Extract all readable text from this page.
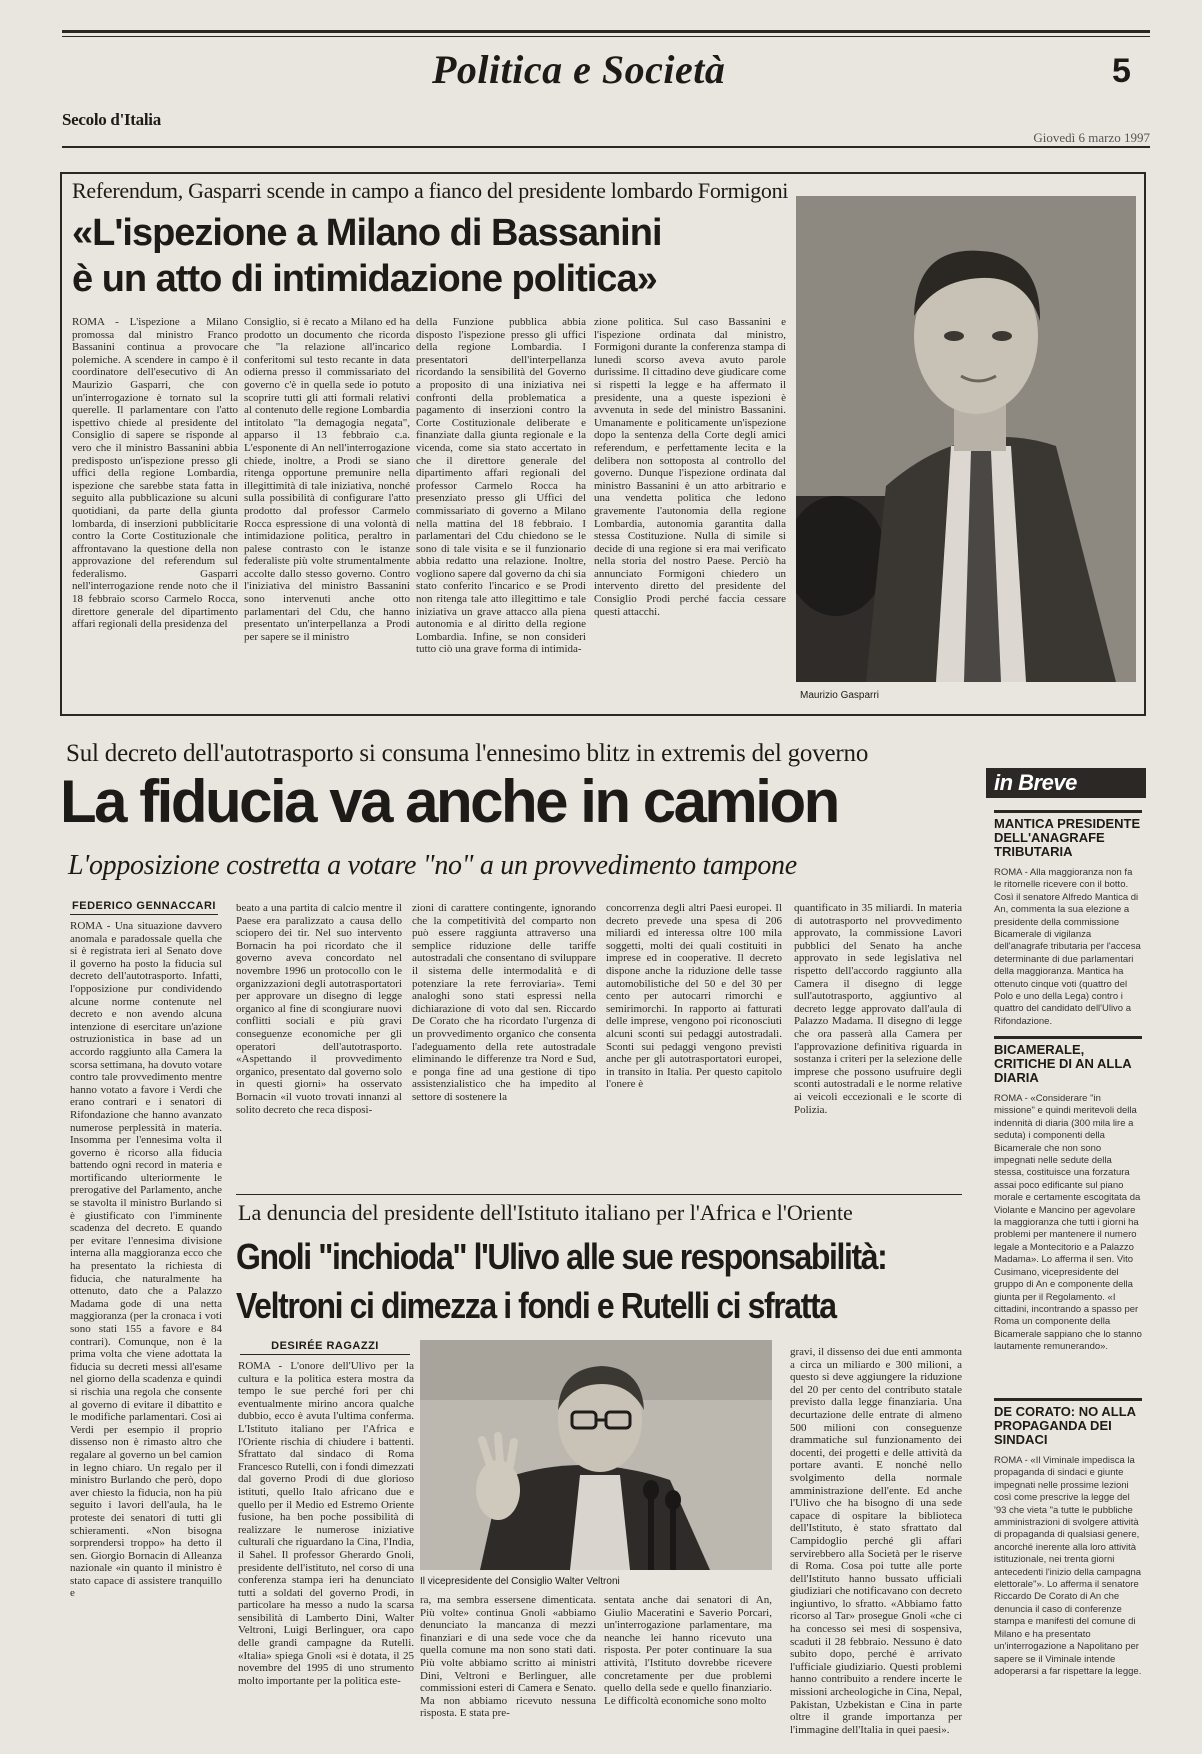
Politica e Società	5
Secolo d'Italia
Giovedì 6 marzo 1997
Referendum, Gasparri scende in campo a fianco del presidente lombardo Formigoni
«L'ispezione a Milano di Bassanini
è un atto di intimidazione politica»
ROMA - L'ispezione a Milano promossa dal ministro Franco Bassanini continua a provocare polemiche. A scendere in campo è il coordinatore dell'esecutivo di An Maurizio Gasparri, che con un'interrogazione è tornato sul la querelle. Il parlamentare con l'atto ispettivo chiede al presidente del Consiglio di sapere se risponde al vero che il ministro Bassanini abbia predisposto un'ispezione presso gli uffici della regione Lombardia, ispezione che sarebbe stata fatta in seguito alla pubblicazione su alcuni quotidiani, da parte della giunta lombarda, di inserzioni pubblicitarie contro la Corte Costituzionale che affrontavano la questione della non approvazione del referendum sul federalismo. Gasparri nell'interrogazione rende noto che il 18 febbraio scorso Carmelo Rocca, direttore generale del dipartimento affari regionali della presidenza del
Consiglio, si è recato a Milano ed ha prodotto un documento che ricorda che "la relazione all'incarico conferitomi sul testo recante in data odierna presso il commissariato del governo c'è in quella sede io potuto scoprire tutti gli atti formali relativi al contenuto delle regione Lombardia intitolato "la demagogia negata", apparso il 13 febbraio c.a. L'esponente di An nell'interrogazione chiede, inoltre, a Prodi se siano ritenga opportune premunire nella illegittimità di tale iniziativa, nonché sulla possibilità di configurare l'atto prodotto dal professor Carmelo Rocca espressione di una volontà di intimidazione politica, peraltro in palese contrasto con le istanze federaliste più volte strumentalmente accolte dallo stesso governo. Contro l'iniziativa del ministro Bassanini sono intervenuti anche otto parlamentari del Cdu, che hanno presentato un'interpellanza a Prodi per sapere se il ministro
della Funzione pubblica abbia disposto l'ispezione presso gli uffici della regione Lombardia. I presentatori dell'interpellanza ricordando la sensibilità del Governo a proposito di una iniziativa nei confronti della problematica a pagamento di inserzioni contro la Corte Costituzionale deliberate e finanziate dalla giunta regionale e la vicenda, come sia stato accertato in che il direttore generale del dipartimento affari regionali del professor Carmelo Rocca ha presenziato presso gli Uffici del commissariato di governo a Milano nella mattina del 18 febbraio. I parlamentari del Cdu chiedono se le sono di tale visita e se il funzionario abbia redatto una relazione. Inoltre, vogliono sapere dal governo da chi sia stato conferito l'incarico e se Prodi non ritenga tale atto illegittimo e tale iniziativa un grave attacco alla piena autonomia e al diritto della regione Lombardia. Infine, se non consideri tutto ciò una grave forma di intimida-
zione politica. Sul caso Bassanini e l'ispezione ordinata dal ministro, Formigoni durante la conferenza stampa di lunedì scorso aveva avuto parole durissime. Il cittadino deve giudicare come si rispetti la legge e ha affermato il presidente, una a queste ispezioni è avvenuta in sede del ministro Bassanini. Umanamente e politicamente un'ispezione dopo la sentenza della Corte degli amici referendum, e perfettamente lecita e la delibera non sottoposta al controllo del governo. Dunque l'ispezione ordinata dal ministro Bassanini è un atto arbitrario e una vendetta politica che ledono gravemente l'autonomia della regione Lombardia, autonomia garantita dalla stessa Costituzione. Nulla di simile si decide di una regione si era mai verificato nella storia del nostro Paese. Perciò ha annunciato Formigoni chiedero un intervento diretto del presidente del Consiglio Prodi perché faccia cessare questi attacchi.
Maurizio Gasparri
Sul decreto dell'autotrasporto si consuma l'ennesimo blitz in extremis del governo
La fiducia va anche in camion
L'opposizione costretta a votare "no" a un provvedimento tampone
FEDERICO GENNACCARI
ROMA - Una situazione davvero anomala e paradossale quella che si è registrata ieri al Senato dove il governo ha posto la fiducia sul decreto dell'autotrasporto. Infatti, l'opposizione pur condividendo alcune norme contenute nel decreto e non avendo alcuna intenzione di esercitare un'azione ostruzionistica in base ad un accordo raggiunto alla Camera la scorsa settimana, ha dovuto votare contro tale provvedimento mentre hanno votato a favore i Verdi che erano contrari e i senatori di Rifondazione che hanno avanzato numerose perplessità in materia. Insomma per l'ennesima volta il governo è ricorso alla fiducia battendo ogni record in materia e mortificando ulteriormente le prerogative del Parlamento, anche se stavolta il ministro Burlando si è giustificato con l'imminente scadenza del decreto. E quando per evitare l'ennesima divisione interna alla maggioranza ecco che ha presentato la richiesta di fiducia, che naturalmente ha ottenuto, dato che a Palazzo Madama gode di una netta maggioranza (per la cronaca i voti sono stati 155 a favore e 84 contrari). Comunque, non è la prima volta che viene adottata la fiducia su decreti messi all'esame nel giorno della scadenza e quindi si rischia una regola che consente al governo di evitare il dibattito e le modifiche parlamentari. Così ai Verdi per esempio il proprio dissenso non è rimasto altro che regalare al governo un bel camion in legno chiaro. Un regalo per il ministro Burlando che però, dopo aver chiesto la fiducia, non ha più seguito i lavori dell'aula, ha le proteste dei senatori di tutti gli schieramenti. «Non bisogna sorprendersi troppo» ha detto il sen. Giorgio Bornacin di Alleanza nazionale «in quanto il ministro è stato capace di assistere tranquillo e
beato a una partita di calcio mentre il Paese era paralizzato a causa dello sciopero dei tir. Nel suo intervento Bornacin ha poi ricordato che il governo aveva concordato nel novembre 1996 un protocollo con le organizzazioni degli autotrasportatori per approvare un disegno di legge organico al fine di scongiurare nuovi conflitti sociali e più gravi conseguenze economiche per gli operatori dell'autotrasporto. «Aspettando il provvedimento organico, presentato dal governo solo in questi giorni» ha osservato Bornacin «il vuoto trovati innanzi al solito decreto che reca disposi-
zioni di carattere contingente, ignorando che la competitività del comparto non può essere raggiunta attraverso una semplice riduzione delle tariffe autostradali che consentano di sviluppare il sistema delle intermodalità e di potenziare la rete ferroviaria». Temi analoghi sono stati espressi nella dichiarazione di voto dal sen. Riccardo De Corato che ha ricordato l'urgenza di un provvedimento organico che consenta l'adeguamento della rete autostradale eliminando le differenze tra Nord e Sud, e ponga fine ad una gestione di tipo assistenzialistico che ha impedito al settore di sostenere la
concorrenza degli altri Paesi europei. Il decreto prevede una spesa di 206 miliardi ed interessa oltre 100 mila soggetti, molti dei quali costituiti in imprese ed in cooperative. Il decreto dispone anche la riduzione delle tasse automobilistiche del 50 e del 30 per cento per autocarri rimorchi e semirimorchi. In rapporto ai fatturati delle imprese, vengono poi riconosciuti alcuni sconti sui pedaggi autostradali. Sconti sui pedaggi vengono previsti anche per gli autotrasportatori europei, in transito in Italia. Per questo capitolo l'onere è
quantificato in 35 miliardi. In materia di autotrasporto nel provvedimento approvato, la commissione Lavori pubblici del Senato ha anche approvato in sede legislativa nel rispetto dell'accordo raggiunto alla Camera il disegno di legge sull'autotrasporto, aggiuntivo al decreto legge approvato dall'aula di Palazzo Madama. Il disegno di legge che ora passerà alla Camera per l'approvazione definitiva riguarda in sostanza i criteri per la selezione delle imprese che possono usufruire degli sconti autostradali e le norme relative ai veicoli eccezionali e le scorte di Polizia.
La denuncia del presidente dell'Istituto italiano per l'Africa e l'Oriente
Gnoli "inchioda" l'Ulivo alle sue responsabilità:
Veltroni ci dimezza i fondi e Rutelli ci sfratta
DESIRÉE RAGAZZI
ROMA - L'onore dell'Ulivo per la cultura e la politica estera mostra da tempo le sue perché fori per chi eventualmente mirino ancora qualche dubbio, ecco è avuta l'ultima conferma. L'Istituto italiano per l'Africa e l'Oriente rischia di chiudere i battenti. Sfrattato dal sindaco di Roma Francesco Rutelli, con i fondi dimezzati dal governo Prodi di due glorioso istituti, quello Italo africano due e quello per il Medio ed Estremo Oriente fusione, ha ben poche possibilità di realizzare le numerose iniziative culturali che riguardano la Cina, l'India, il Sahel. Il professor Gherardo Gnoli, presidente dell'istituto, nel corso di una conferenza stampa ieri ha denunciato tutti a soldati del governo Prodi, in particolare ha messo a nudo la scarsa sensibilità di Lamberto Dini, Walter Veltroni, Luigi Berlinguer, ora capo delle grandi campagne da Rutelli. «Italia» spiega Gnoli «si è dotata, il 25 novembre del 1995 di uno strumento molto importante per la politica este-
Il vicepresidente del Consiglio Walter Veltroni
ra, ma sembra essersene dimenticata. Più volte» continua Gnoli «abbiamo denunciato la mancanza di mezzi finanziari e di una sede voce che da quella comune ma non sono stati dati. Più volte abbiamo scritto ai ministri Dini, Veltroni e Berlinguer, alle commissioni esteri di Camera e Senato. Ma non abbiamo ricevuto nessuna risposta. E stata pre-
sentata anche dai senatori di An, Giulio Maceratini e Saverio Porcari, un'interrogazione parlamentare, ma neanche lei hanno ricevuto una risposta. Per poter continuare la sua attività, l'Istituto dovrebbe ricevere concretamente per due problemi quello della sede e quello finanziario. Le difficoltà economiche sono molto
gravi, il dissenso dei due enti ammonta a circa un miliardo e 300 milioni, a questo si deve aggiungere la riduzione del 20 per cento del contributo statale previsto dalla legge finanziaria. Una decurtazione delle entrate di almeno 500 milioni con conseguenze drammatiche sul funzionamento dei docenti, dei progetti e delle attività da portare avanti. E nonché nello svolgimento della normale amministrazione dell'ente. Ed anche l'Ulivo che ha bisogno di una sede capace di ospitare la biblioteca dell'Istituto, è stato sfrattato dal Campidoglio perché gli affari servirebbero alla Società per le riserve di Roma. Cosa poi tutte alle porte dell'Istituto hanno bussato ufficiali giudiziari che notificavano con decreto ingiuntivo, lo sfratto. «Abbiamo fatto ricorso al Tar» prosegue Gnoli «che ci ha concesso sei mesi di sospensiva, scaduti il 28 febbraio. Nessuno è dato subito dopo, perché è arrivato l'ufficiale giudiziario. Questi problemi hanno contribuito a rendere incerte le missioni archeologiche in Cina, Nepal, Pakistan, Uzbekistan e Cina in parte oltre il grande importanza per l'immagine dell'Italia in quei paesi».
in Breve
MANTICA PRESIDENTE DELL'ANAGRAFE TRIBUTARIA
ROMA - Alla maggioranza non fa le ritornelle ricevere con il botto. Così il senatore Alfredo Mantica di An, commenta la sua elezione a presidente della commissione Bicamerale di vigilanza dell'anagrafe tributaria per l'accesa determinante di due parlamentari della maggioranza. Mantica ha ottenuto cinque voti (quattro del Polo e uno della Lega) contro i quattro del candidato dell'Ulivo a Rifondazione.
BICAMERALE, CRITICHE DI AN ALLA DIARIA
ROMA - «Considerare "in missione" e quindi meritevoli della indennità di diaria (300 mila lire a seduta) i componenti della Bicamerale che non sono impegnati nelle sedute della stessa, costituisce una forzatura assai poco edificante sul piano morale e certamente escogitata da Violante e Mancino per agevolare la maggioranza che tutti i giorni ha problemi per mantenere il numero legale a Montecitorio e a Palazzo Madama». Lo afferma il sen. Vito Cusimano, vicepresidente del gruppo di An e componente della giunta per il Regolamento. «I cittadini, incontrando a spasso per Roma un componente della Bicamerale sappiano che lo stanno lautamente remunerando».
DE CORATO: NO ALLA PROPAGANDA DEI SINDACI
ROMA - «Il Viminale impedisca la propaganda di sindaci e giunte impegnati nelle prossime lezioni così come prescrive la legge del '93 che vieta "a tutte le pubbliche amministrazioni di svolgere attività di propaganda di qualsiasi genere, ancorché inerente alla loro attività istituzionale, nei trenta giorni antecedenti l'inizio della campagna elettorale"». Lo afferma il senatore Riccardo De Corato di An che denuncia il caso di conferenze stampa e manifesti del comune di Milano e ha presentato un'interrogazione a Napolitano per sapere se il Viminale intende adoperarsi a far rispettare la legge.
